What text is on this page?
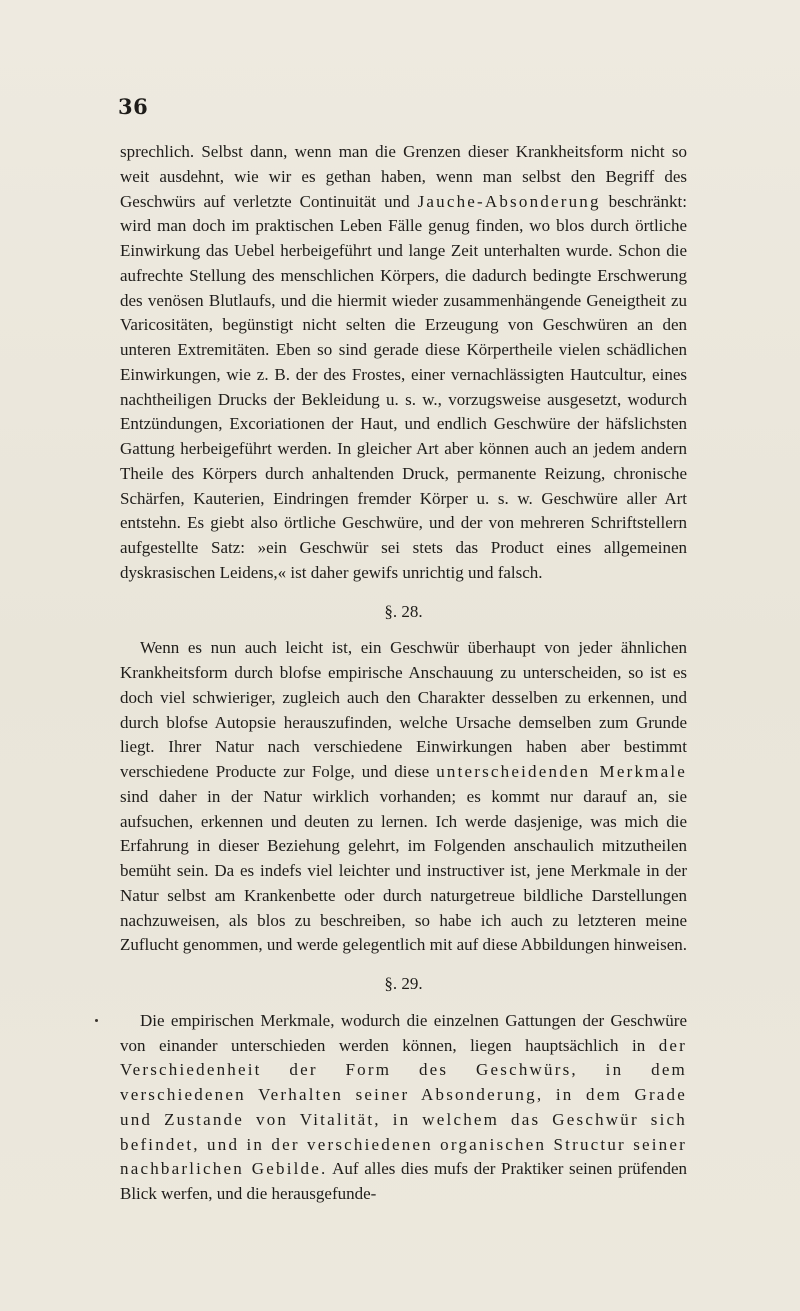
36

sprechlich. Selbst dann, wenn man die Grenzen dieser Krankheitsform nicht so weit ausdehnt, wie wir es gethan haben, wenn man selbst den Begriff des Geschwürs auf verletzte Continuität und Jauche-Absonderung beschränkt: wird man doch im praktischen Leben Fälle genug finden, wo blos durch örtliche Einwirkung das Uebel herbeigeführt und lange Zeit unterhalten wurde. Schon die aufrechte Stellung des menschlichen Körpers, die dadurch bedingte Erschwerung des venösen Blutlaufs, und die hiermit wieder zusammenhängende Geneigtheit zu Varicositäten, begünstigt nicht selten die Erzeugung von Geschwüren an den unteren Extremitäten. Eben so sind gerade diese Körpertheile vielen schädlichen Einwirkungen, wie z. B. der des Frostes, einer vernachlässigten Hautcultur, eines nachtheiligen Drucks der Bekleidung u. s. w., vorzugsweise ausgesetzt, wodurch Entzündungen, Excoriationen der Haut, und endlich Geschwüre der häfslichsten Gattung herbeigeführt werden. In gleicher Art aber können auch an jedem andern Theile des Körpers durch anhaltenden Druck, permanente Reizung, chronische Schärfen, Kauterien, Eindringen fremder Körper u. s. w. Geschwüre aller Art entstehn. Es giebt also örtliche Geschwüre, und der von mehreren Schriftstellern aufgestellte Satz: »ein Geschwür sei stets das Product eines allgemeinen dyskrasischen Leidens,« ist daher gewifs unrichtig und falsch.

§. 28.

Wenn es nun auch leicht ist, ein Geschwür überhaupt von jeder ähnlichen Krankheitsform durch blofse empirische Anschauung zu unterscheiden, so ist es doch viel schwieriger, zugleich auch den Charakter desselben zu erkennen, und durch blofse Autopsie herauszufinden, welche Ursache demselben zum Grunde liegt. Ihrer Natur nach verschiedene Einwirkungen haben aber bestimmt verschiedene Producte zur Folge, und diese unterscheidenden Merkmale sind daher in der Natur wirklich vorhanden; es kommt nur darauf an, sie aufsuchen, erkennen und deuten zu lernen. Ich werde dasjenige, was mich die Erfahrung in dieser Beziehung gelehrt, im Folgenden anschaulich mitzutheilen bemüht sein. Da es indefs viel leichter und instructiver ist, jene Merkmale in der Natur selbst am Krankenbette oder durch naturgetreue bildliche Darstellungen nachzuweisen, als blos zu beschreiben, so habe ich auch zu letzteren meine Zuflucht genommen, und werde gelegentlich mit auf diese Abbildungen hinweisen.

§. 29.

Die empirischen Merkmale, wodurch die einzelnen Gattungen der Geschwüre von einander unterschieden werden können, liegen hauptsächlich in der Verschiedenheit der Form des Geschwürs, in dem verschiedenen Verhalten seiner Absonderung, in dem Grade und Zustande von Vitalität, in welchem das Geschwür sich befindet, und in der verschiedenen organischen Structur seiner nachbarlichen Gebilde. Auf alles dies mufs der Praktiker seinen prüfenden Blick werfen, und die herausgefunde-
